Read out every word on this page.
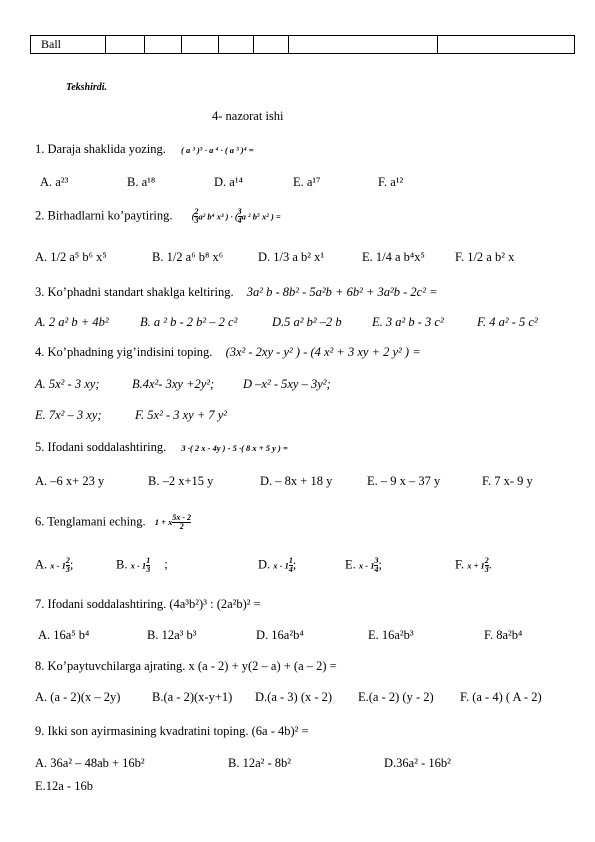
Ball							
Tekshirdi.
4- nazorat ishi
1. Daraja shaklida yozing. ( a ³ )⁵ · a ⁴ · ( a ³ )⁴ =
A. a²³	B. a¹⁸	D. a¹⁴	E. a¹⁷	F. a¹²
2. Birhadlarni ko’paytiring. ( $\frac{2}{3} a^2$ b⁴ x³ ) · ( $\frac{3}{4}$ a ² b⁵ x² ) =
A. 1/2 a⁵ b⁶ x⁵	B. 1/2 a⁶ b⁸ x⁶	D. 1/3 a b² x¹	E. 1/4 a b⁴x⁵ F. 1/2 a b² x
3. Ko’phadni standart shaklga keltiring. 3a² b - 8b² - 5a²b + 6b² + 3a²b - 2c² =
A. 2 a² b + 4b²	B. a ² b - 2 b² – 2 c²	D.5 a² b² –2 b E. 3 a² b - 3 c²	F. 4 a² - 5 c²
4. Ko’phadning yig’indisini toping. (3x² - 2xy - y² ) - (4 x² + 3 xy + 2 y² ) =
A. 5x² - 3 xy;	B.4x²- 3xy +2y²; D –x² - 5xy – 3y²;
E. 7x² – 3 xy;	F. 5x² - 3 xy + 7 y²
5. Ifodani soddalashtiring. 3 ·( 2 x - 4y ) - 5 ·( 8 x + 5 y ) =
A. –6 x+ 23 y	B. –2 x+15 y	D. – 8x + 18 y	E. – 9 x – 37 y	F. 7 x- 9 y
6. Tenglamani eching. 1 + x $\frac{5x - 2}{2}$
A. x - $1 \frac{2}{3}$ ;	B. x - $1 \frac{1}{3}$ ;	D. x - $1 \frac{1}{4}$ ;	E. x - $1 \frac{3}{4}$ ;	F. $x + 1 \frac{2}{3}$ .
7. Ifodani soddalashtiring. (4a³b²)³ : (2a²b)² =
A. 16a⁵ b⁴	B. 12a³ b³	D. 16a²b⁴	E. 16a²b³	F. 8a²b⁴
8. Ko’paytuvchilarga ajrating. x (a - 2) + y(2 – a) + (a – 2) =
A. (a - 2)(x – 2y)	B.(a - 2)(x-y+1) D.(a - 3) (x - 2) E.(a - 2) (y - 2) F. (a - 4) ( A - 2)
9. Ikki son ayirmasining kvadratini toping. (6a - 4b)² =
A. 36a² – 48ab + 16b²	B. 12a² - 8b²	D.36a² - 16b²
E.12a - 16b
